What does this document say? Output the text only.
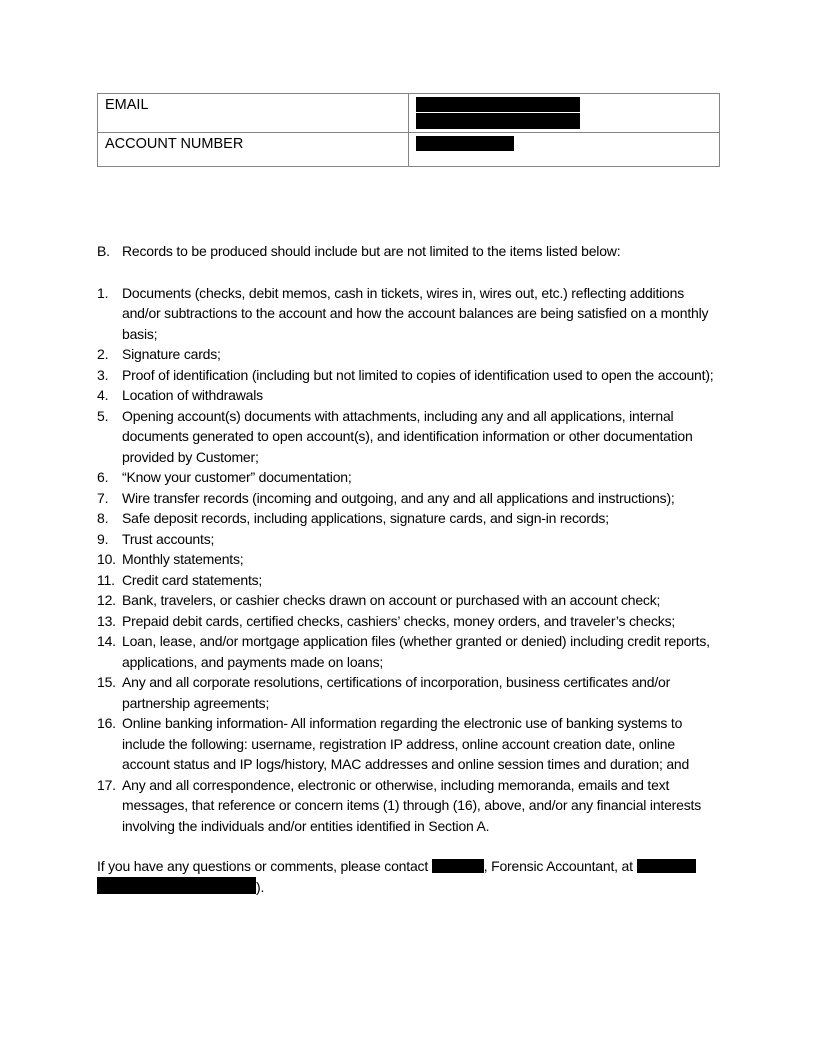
EMAIL	

ACCOUNT NUMBER	
B. Records to be produced should include but are not limited to the items listed below:
1. Documents (checks, debit memos, cash in tickets, wires in, wires out, etc.) reflecting additions and/or subtractions to the account and how the account balances are being satisfied on a monthly basis;
2. Signature cards;
3. Proof of identification (including but not limited to copies of identification used to open the account);
4. Location of withdrawals
5. Opening account(s) documents with attachments, including any and all applications, internal documents generated to open account(s), and identification information or other documentation provided by Customer;
6. “Know your customer” documentation;
7. Wire transfer records (incoming and outgoing, and any and all applications and instructions);
8. Safe deposit records, including applications, signature cards, and sign-in records;
9. Trust accounts;
10. Monthly statements;
11. Credit card statements;
12. Bank, travelers, or cashier checks drawn on account or purchased with an account check;
13. Prepaid debit cards, certified checks, cashiers’ checks, money orders, and traveler’s checks;
14. Loan, lease, and/or mortgage application files (whether granted or denied) including credit reports, applications, and payments made on loans;
15. Any and all corporate resolutions, certifications of incorporation, business certificates and/or partnership agreements;
16. Online banking information- All information regarding the electronic use of banking systems to include the following: username, registration IP address, online account creation date, online account status and IP logs/history, MAC addresses and online session times and duration; and
17. Any and all correspondence, electronic or otherwise, including memoranda, emails and text messages, that reference or concern items (1) through (16), above, and/or any financial interests involving the individuals and/or entities identified in Section A.
If you have any questions or comments, please contact	, Forensic Accountant, at
).
